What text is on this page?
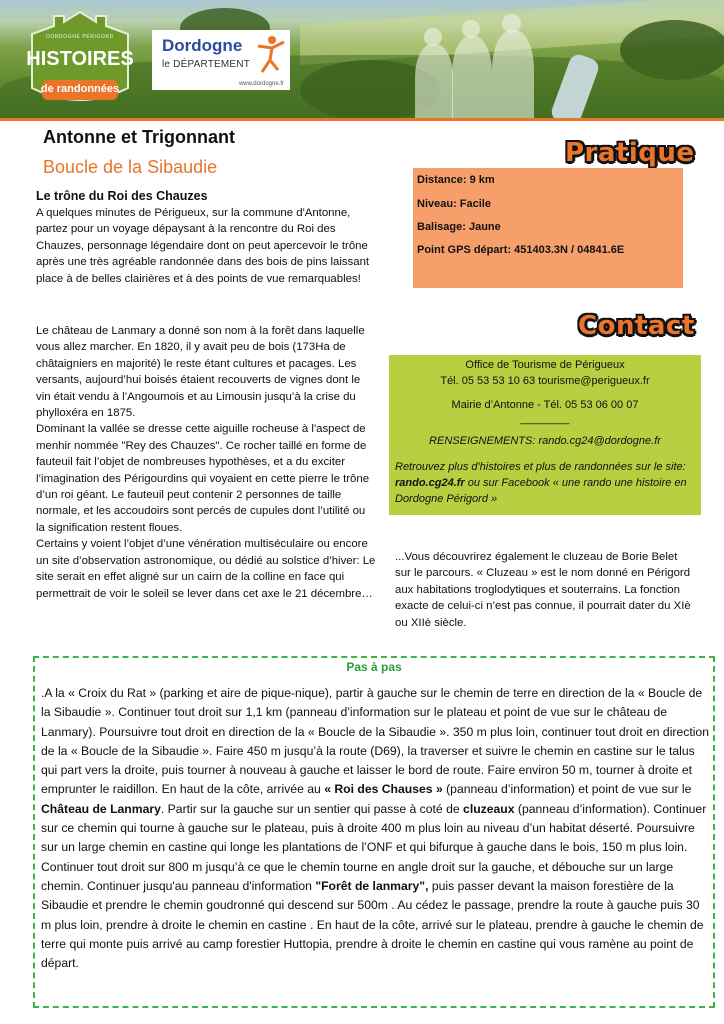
DORDOGNE PÉRIGORD
HISTOIRES
de randonnées
Dordogne
le DÉPARTEMENT
www.dordogne.fr
Antonne et Trigonnant
Boucle de la Sibaudie
Le trône du Roi des Chauzes
A quelques minutes de Périgueux, sur la commune d'Antonne, partez pour un voyage dépaysant à la rencontre du Roi des Chauzes, personnage légendaire dont on peut apercevoir le trône après une très agréable randonnée dans des bois de pins laissant place à de belles clairières et à des points de vue remarquables!
Le château de Lanmary a donné son nom à la forêt dans laquelle vous allez marcher. En 1820, il y avait peu de bois (173Ha de châtaigniers en majorité) le reste étant cultures et pacages. Les versants, aujourd’hui boisés étaient recouverts de vignes dont le vin était vendu à l’Angoumois et au Limousin jusqu’à la crise du phylloxéra en 1875.
Dominant la vallée se dresse cette aiguille rocheuse à l'aspect de menhir nommée "Rey des Chauzes". Ce rocher taillé en forme de fauteuil fait l’objet de nombreuses hypothèses, et a du exciter l’imagination des Périgourdins qui voyaient en cette pierre le trône d’un roi géant. Le fauteuil peut contenir 2 personnes de taille normale, et les accoudoirs sont percés de cupules dont l’utilité ou la signification restent floues.
Certains y voient l’objet d’une vénération multiséculaire ou encore un site d’observation astronomique, ou dédié au solstice d’hiver: Le site serait en effet aligné sur un cairn de la colline en face qui permettrait de voir le soleil se lever dans cet axe le 21 décembre…
Pratique
Distance: 9 km
Niveau: Facile
Balisage: Jaune
Point GPS départ: 451403.3N / 04841.6E
Contact
Office de Tourisme de Périgueux
Tél. 05 53 53 10 63 tourisme@perigueux.fr
Mairie d’Antonne - Tél. 05 53 06 00 07
________
RENSEIGNEMENTS: rando.cg24@dordogne.fr
Retrouvez plus d'histoires et plus de randonnées sur le site: rando.cg24.fr ou sur Facebook « une rando une histoire en Dordogne Périgord »
...Vous découvrirez également le cluzeau de Borie Belet sur le parcours. « Cluzeau » est le nom donné en Périgord aux habitations troglodytiques et souterrains. La fonction exacte de celui-ci n’est pas connue, il pourrait dater du XIè ou XIIè siècle.
Pas à pas
.A la « Croix du Rat » (parking et aire de pique-nique), partir à gauche sur le chemin de terre en direction de la « Boucle de la Sibaudie ». Continuer tout droit sur 1,1 km (panneau d’information sur le plateau et point de vue sur le château de Lanmary). Poursuivre tout droit en direction de la « Boucle de la Sibaudie ». 350 m plus loin, continuer tout droit en direction de la « Boucle de la Sibaudie ». Faire 450 m jusqu’à la route (D69), la traverser et suivre le chemin en castine sur le talus qui part vers la droite, puis tourner à nouveau à gauche et laisser le bord de route. Faire environ 50 m, tourner à droite et emprunter le raidillon. En haut de la côte, arrivée au « Roi des Chauses » (panneau d’information) et point de vue sur le Château de Lanmary. Partir sur la gauche sur un sentier qui passe à coté de cluzeaux (panneau d’information). Continuer sur ce chemin qui tourne à gauche sur le plateau, puis à droite 400 m plus loin au niveau d’un habitat déserté. Poursuivre sur un large chemin en castine qui longe les plantations de l’ONF et qui bifurque à gauche dans le bois, 150 m plus loin. Continuer tout droit sur 800 m jusqu’à ce que le chemin tourne en angle droit sur la gauche, et débouche sur un large chemin. Continuer jusqu'au panneau d'information "Forêt de lanmary", puis passer devant la maison forestière de la Sibaudie et prendre le chemin goudronné qui descend sur 500m . Au cédez le passage, prendre la route à gauche puis 30 m plus loin, prendre à droite le chemin en castine . En haut de la côte, arrivé sur le plateau, prendre à gauche le chemin de terre qui monte puis arrivé au camp forestier Huttopia, prendre à droite le chemin en castine qui vous ramène au point de départ.
